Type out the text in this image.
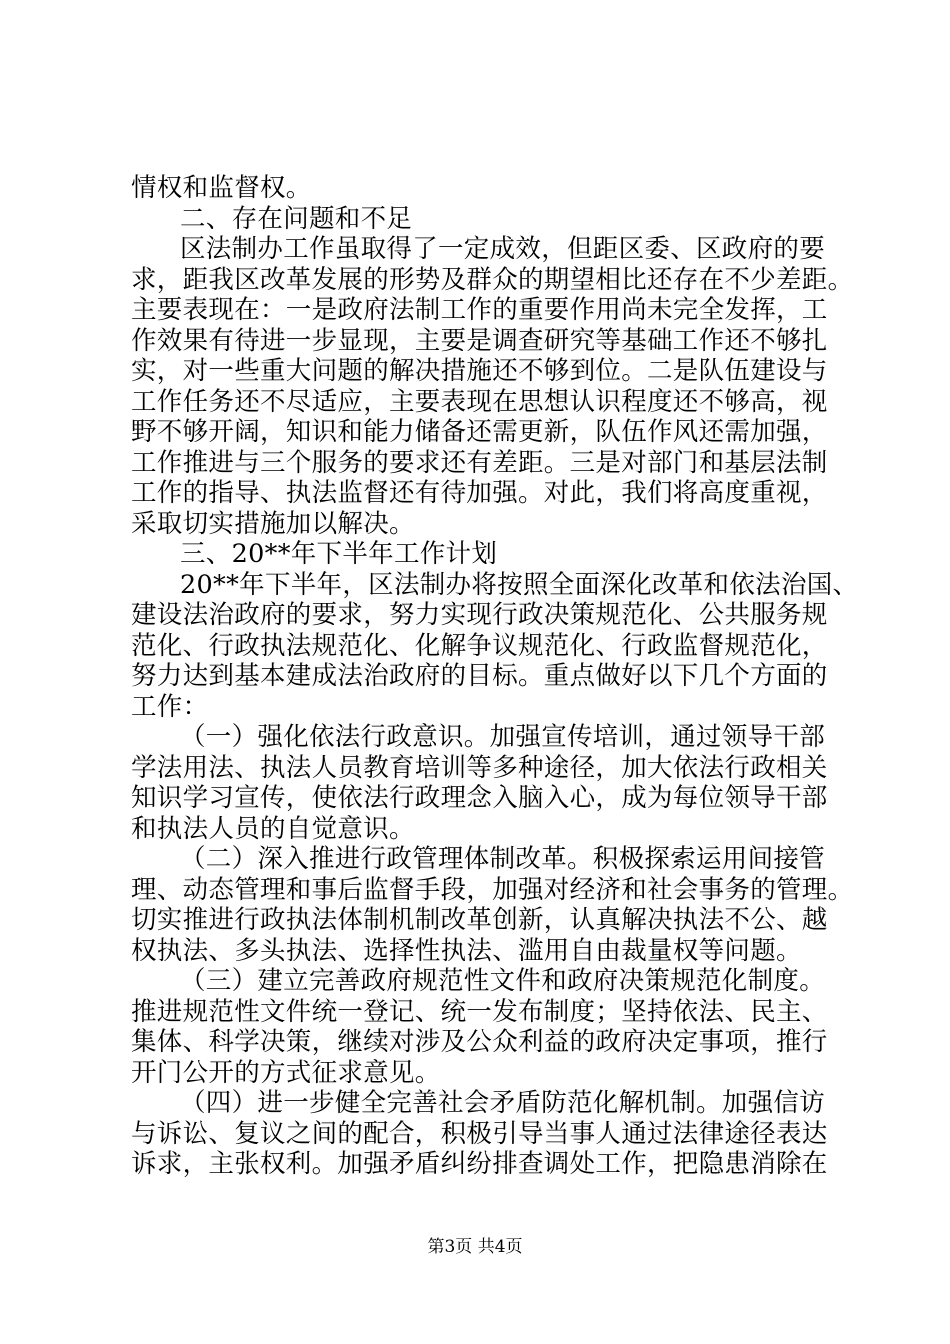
情权和监督权。
二、存在问题和不足
区法制办工作虽取得了一定成效，但距区委、区政府的要
求，距我区改革发展的形势及群众的期望相比还存在不少差距。
主要表现在：一是政府法制工作的重要作用尚未完全发挥，工
作效果有待进一步显现，主要是调查研究等基础工作还不够扎
实，对一些重大问题的解决措施还不够到位。二是队伍建设与
工作任务还不尽适应，主要表现在思想认识程度还不够高，视
野不够开阔，知识和能力储备还需更新，队伍作风还需加强，
工作推进与三个服务的要求还有差距。三是对部门和基层法制
工作的指导、执法监督还有待加强。对此，我们将高度重视，
采取切实措施加以解决。
三、20**年下半年工作计划
20**年下半年，区法制办将按照全面深化改革和依法治国、
建设法治政府的要求，努力实现行政决策规范化、公共服务规
范化、行政执法规范化、化解争议规范化、行政监督规范化，
努力达到基本建成法治政府的目标。重点做好以下几个方面的
工作：
（一）强化依法行政意识。加强宣传培训，通过领导干部
学法用法、执法人员教育培训等多种途径，加大依法行政相关
知识学习宣传，使依法行政理念入脑入心，成为每位领导干部
和执法人员的自觉意识。
（二）深入推进行政管理体制改革。积极探索运用间接管
理、动态管理和事后监督手段，加强对经济和社会事务的管理。
切实推进行政执法体制机制改革创新，认真解决执法不公、越
权执法、多头执法、选择性执法、滥用自由裁量权等问题。
（三）建立完善政府规范性文件和政府决策规范化制度。
推进规范性文件统一登记、统一发布制度；坚持依法、民主、
集体、科学决策，继续对涉及公众利益的政府决定事项，推行
开门公开的方式征求意见。
（四）进一步健全完善社会矛盾防范化解机制。加强信访
与诉讼、复议之间的配合，积极引导当事人通过法律途径表达
诉求，主张权利。加强矛盾纠纷排查调处工作，把隐患消除在
第3页 共4页
